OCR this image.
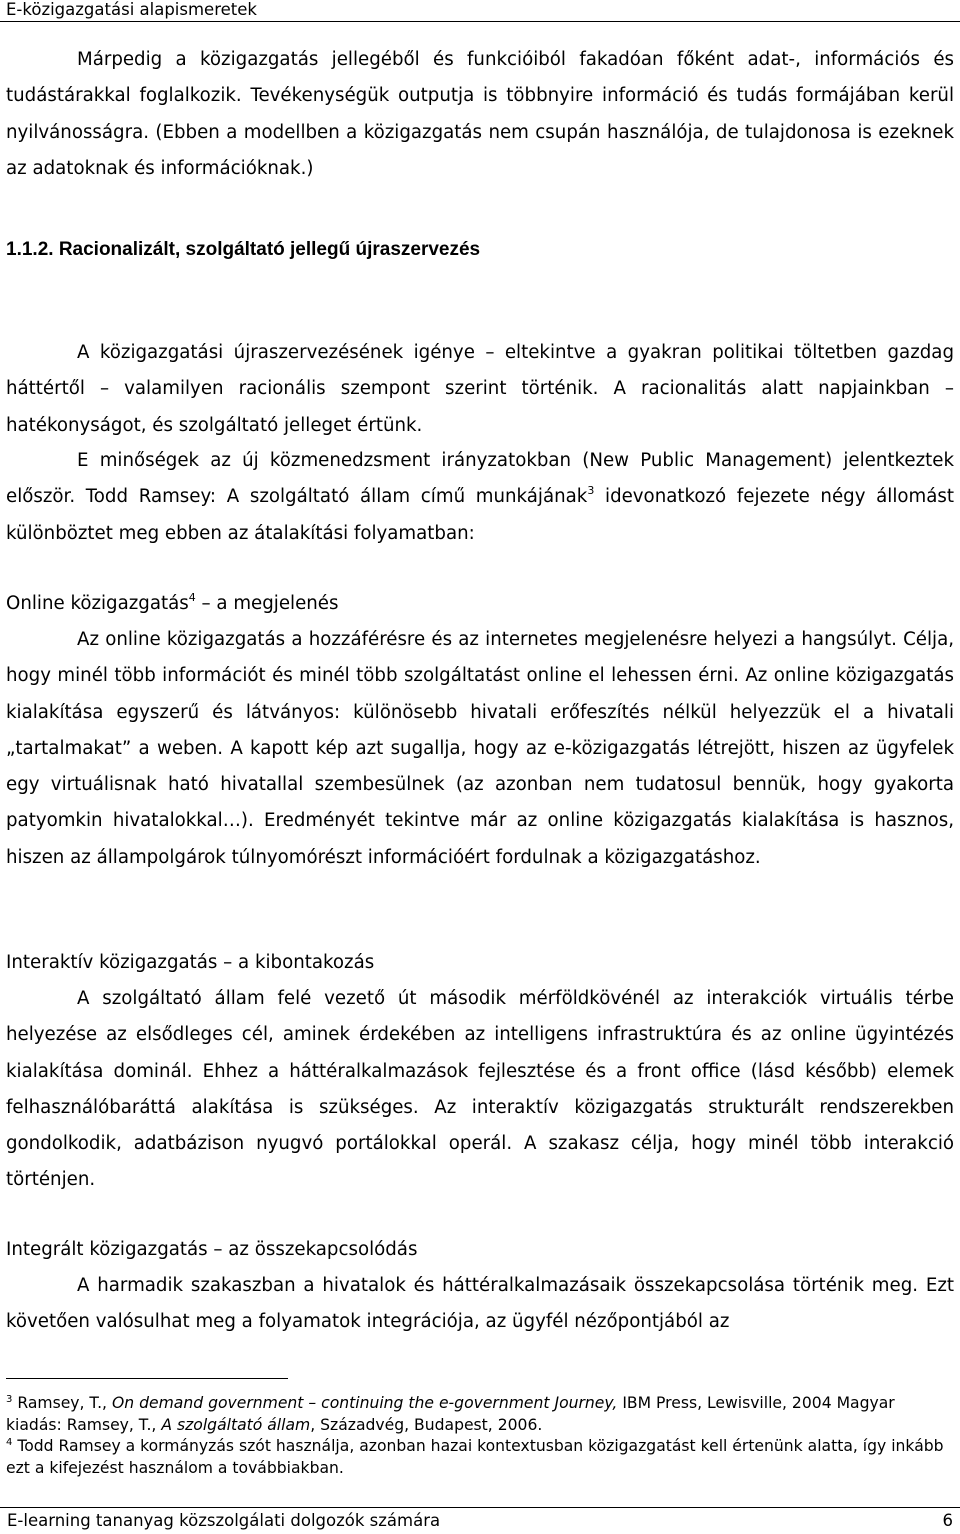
E-közigazgatási alapismeretek
Márpedig a közigazgatás jellegéből és funkcióiból fakadóan főként adat-, információs és tudástárakkal foglalkozik. Tevékenységük outputja is többnyire információ és tudás formájában kerül nyilvánosságra. (Ebben a modellben a közigazgatás nem csupán használója, de tulajdonosa is ezeknek az adatoknak és információknak.)
1.1.2. Racionalizált, szolgáltató jellegű újraszervezés
A közigazgatási újraszervezésének igénye – eltekintve a gyakran politikai töltetben gazdag háttértől – valamilyen racionális szempont szerint történik. A racionalitás alatt napjainkban – hatékonyságot, és szolgáltató jelleget értünk.
E minőségek az új közmenedzsment irányzatokban (New Public Management) jelentkeztek először. Todd Ramsey: A szolgáltató állam című munkájának$^3$ idevonatkozó fejezete négy állomást különböztet meg ebben az átalakítási folyamatban:
Online közigazgatás$^4$ – a megjelenés
Az online közigazgatás a hozzáférésre és az internetes megjelenésre helyezi a hangsúlyt. Célja, hogy minél több információt és minél több szolgáltatást online el lehessen érni. Az online közigazgatás kialakítása egyszerű és látványos: különösebb hivatali erőfeszítés nélkül helyezzük el a hivatali „tartalmakat” a weben. A kapott kép azt sugallja, hogy az e-közigazgatás létrejött, hiszen az ügyfelek egy virtuálisnak ható hivatallal szembesülnek (az azonban nem tudatosul bennük, hogy gyakorta patyomkin hivatalokkal…). Eredményét tekintve már az online közigazgatás kialakítása is hasznos, hiszen az állampolgárok túlnyomórészt információért fordulnak a közigazgatáshoz.
Interaktív közigazgatás – a kibontakozás
A szolgáltató állam felé vezető út második mérföldkövénél az interakciók virtuális térbe helyezése az elsődleges cél, aminek érdekében az intelligens infrastruktúra és az online ügyintézés kialakítása dominál. Ehhez a háttéralkalmazások fejlesztése és a front office (lásd később) elemek felhasználóbaráttá alakítása is szükséges. Az interaktív közigazgatás strukturált rendszerekben gondolkodik, adatbázison nyugvó portálokkal operál. A szakasz célja, hogy minél több interakció történjen.
Integrált közigazgatás – az összekapcsolódás
A harmadik szakaszban a hivatalok és háttéralkalmazásaik összekapcsolása történik meg. Ezt követően valósulhat meg a folyamatok integrációja, az ügyfél nézőpontjából az
$^3$ Ramsey, T., On demand government – continuing the e-government Journey, IBM Press, Lewisville, 2004 Magyar kiadás: Ramsey, T., A szolgáltató állam, Századvég, Budapest, 2006.
$^4$ Todd Ramsey a kormányzás szót használja, azonban hazai kontextusban közigazgatást kell értenünk alatta, így inkább ezt a kifejezést használom a továbbiakban.
E-learning tananyag közszolgálati dolgozók számára	6
